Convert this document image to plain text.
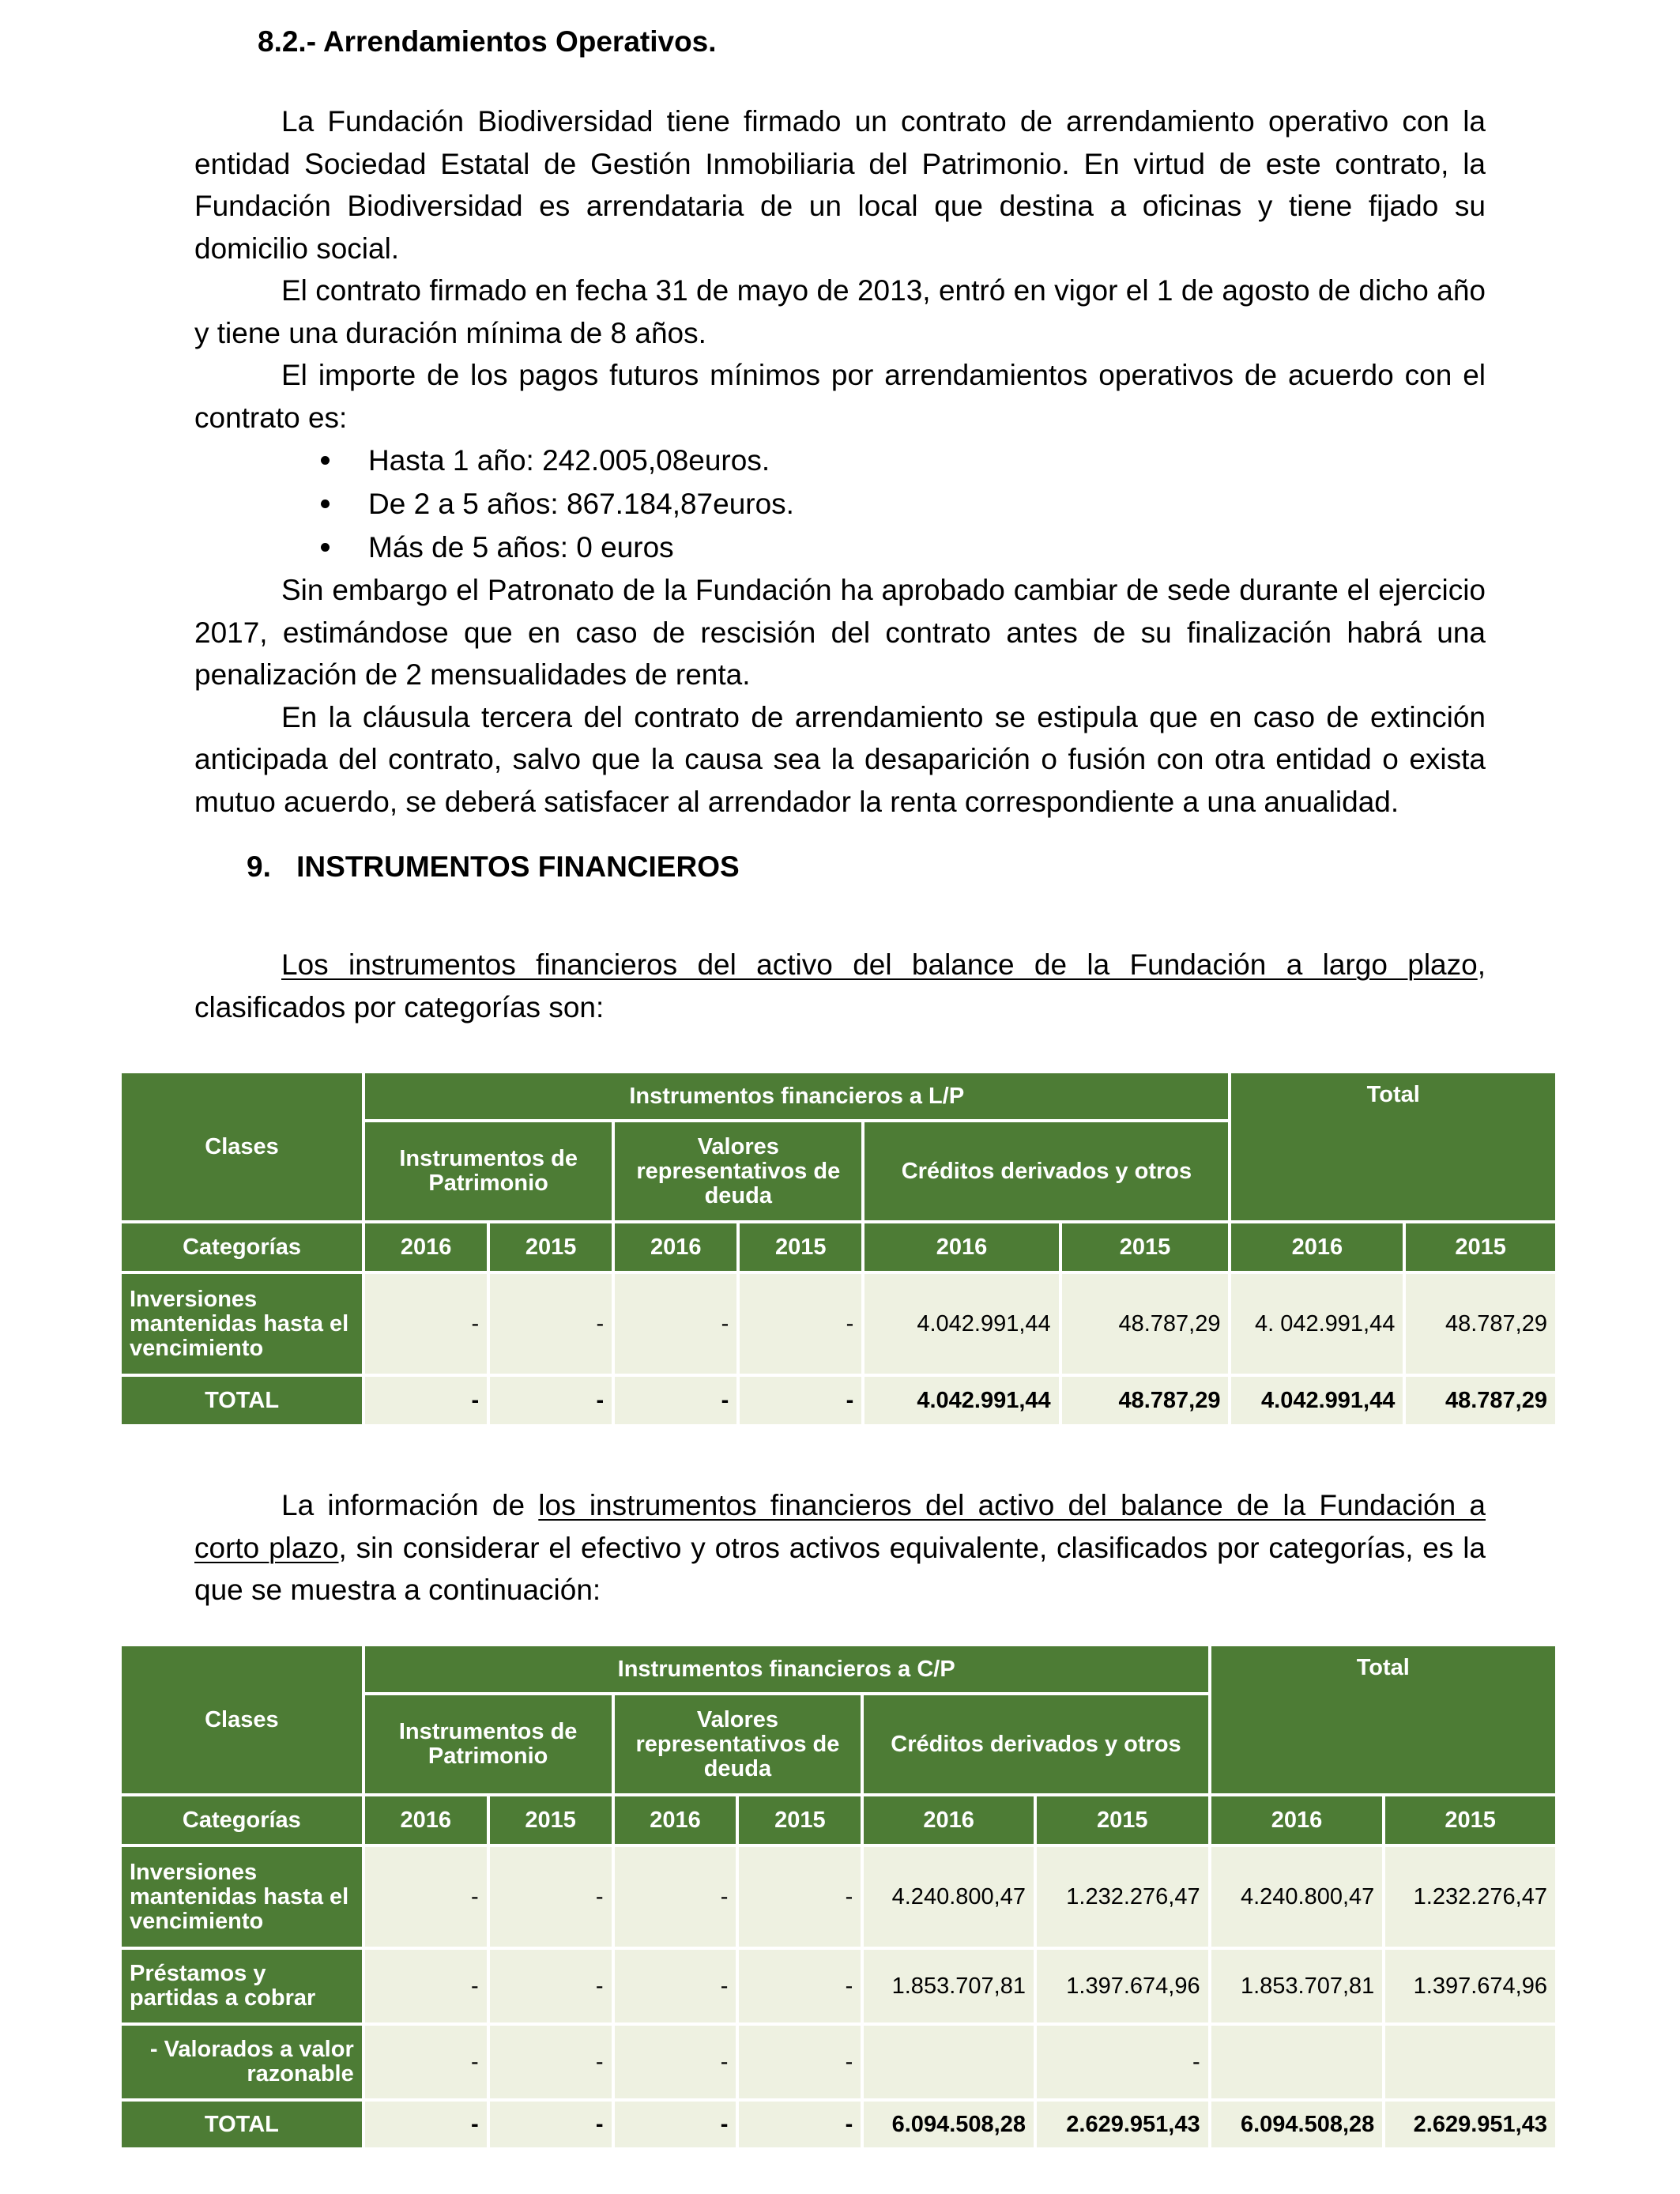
8.2.- Arrendamientos Operativos.

La Fundación Biodiversidad tiene firmado un contrato de arrendamiento operativo con la entidad Sociedad Estatal de Gestión Inmobiliaria del Patrimonio. En virtud de este contrato, la Fundación Biodiversidad es arrendataria de un local que destina a oficinas y tiene fijado su domicilio social.

El contrato firmado en fecha 31 de mayo de 2013, entró en vigor el 1 de agosto de dicho año y tiene una duración mínima de 8 años.

El importe de los pagos futuros mínimos por arrendamientos operativos de acuerdo con el contrato es:

Hasta 1 año: 242.005,08euros.
De 2 a 5 años: 867.184,87euros.
Más de 5 años: 0 euros

Sin embargo el Patronato de la Fundación ha aprobado cambiar de sede durante el ejercicio 2017, estimándose que en caso de rescisión del contrato antes de su finalización habrá una penalización de 2 mensualidades de renta.

En la cláusula tercera del contrato de arrendamiento se estipula que en caso de extinción anticipada del contrato, salvo que la causa sea la desaparición o fusión con otra entidad o exista mutuo acuerdo, se deberá satisfacer al arrendador la renta correspondiente a una anualidad.

9. INSTRUMENTOS FINANCIEROS

Los instrumentos financieros del activo del balance de la Fundación a largo plazo, clasificados por categorías son:

Clases	Instrumentos financieros a L/P						Total	
	Instrumentos de Patrimonio		Valores representativos de deuda		Créditos derivados y otros			
Categorías	2016	2015	2016	2015	2016	2015	2016	2015
Inversiones mantenidas hasta el vencimiento	-	-	-	-	4.042.991,44	48.787,29	4. 042.991,44	48.787,29
TOTAL	-	-	-	-	4.042.991,44	48.787,29	4.042.991,44	48.787,29

La información de los instrumentos financieros del activo del balance de la Fundación a corto plazo, sin considerar el efectivo y otros activos equivalente, clasificados por categorías, es la que se muestra a continuación:

Clases	Instrumentos financieros a C/P						Total	
	Instrumentos de Patrimonio		Valores representativos de deuda		Créditos derivados y otros			
Categorías	2016	2015	2016	2015	2016	2015	2016	2015
Inversiones mantenidas hasta el vencimiento	-	-	-	-	4.240.800,47	1.232.276,47	4.240.800,47	1.232.276,47
Préstamos y partidas a cobrar	-	-	-	-	1.853.707,81	1.397.674,96	1.853.707,81	1.397.674,96
- Valorados a valor razonable	-	-	-	-		-		
TOTAL	-	-	-	-	6.094.508,28	2.629.951,43	6.094.508,28	2.629.951,43
